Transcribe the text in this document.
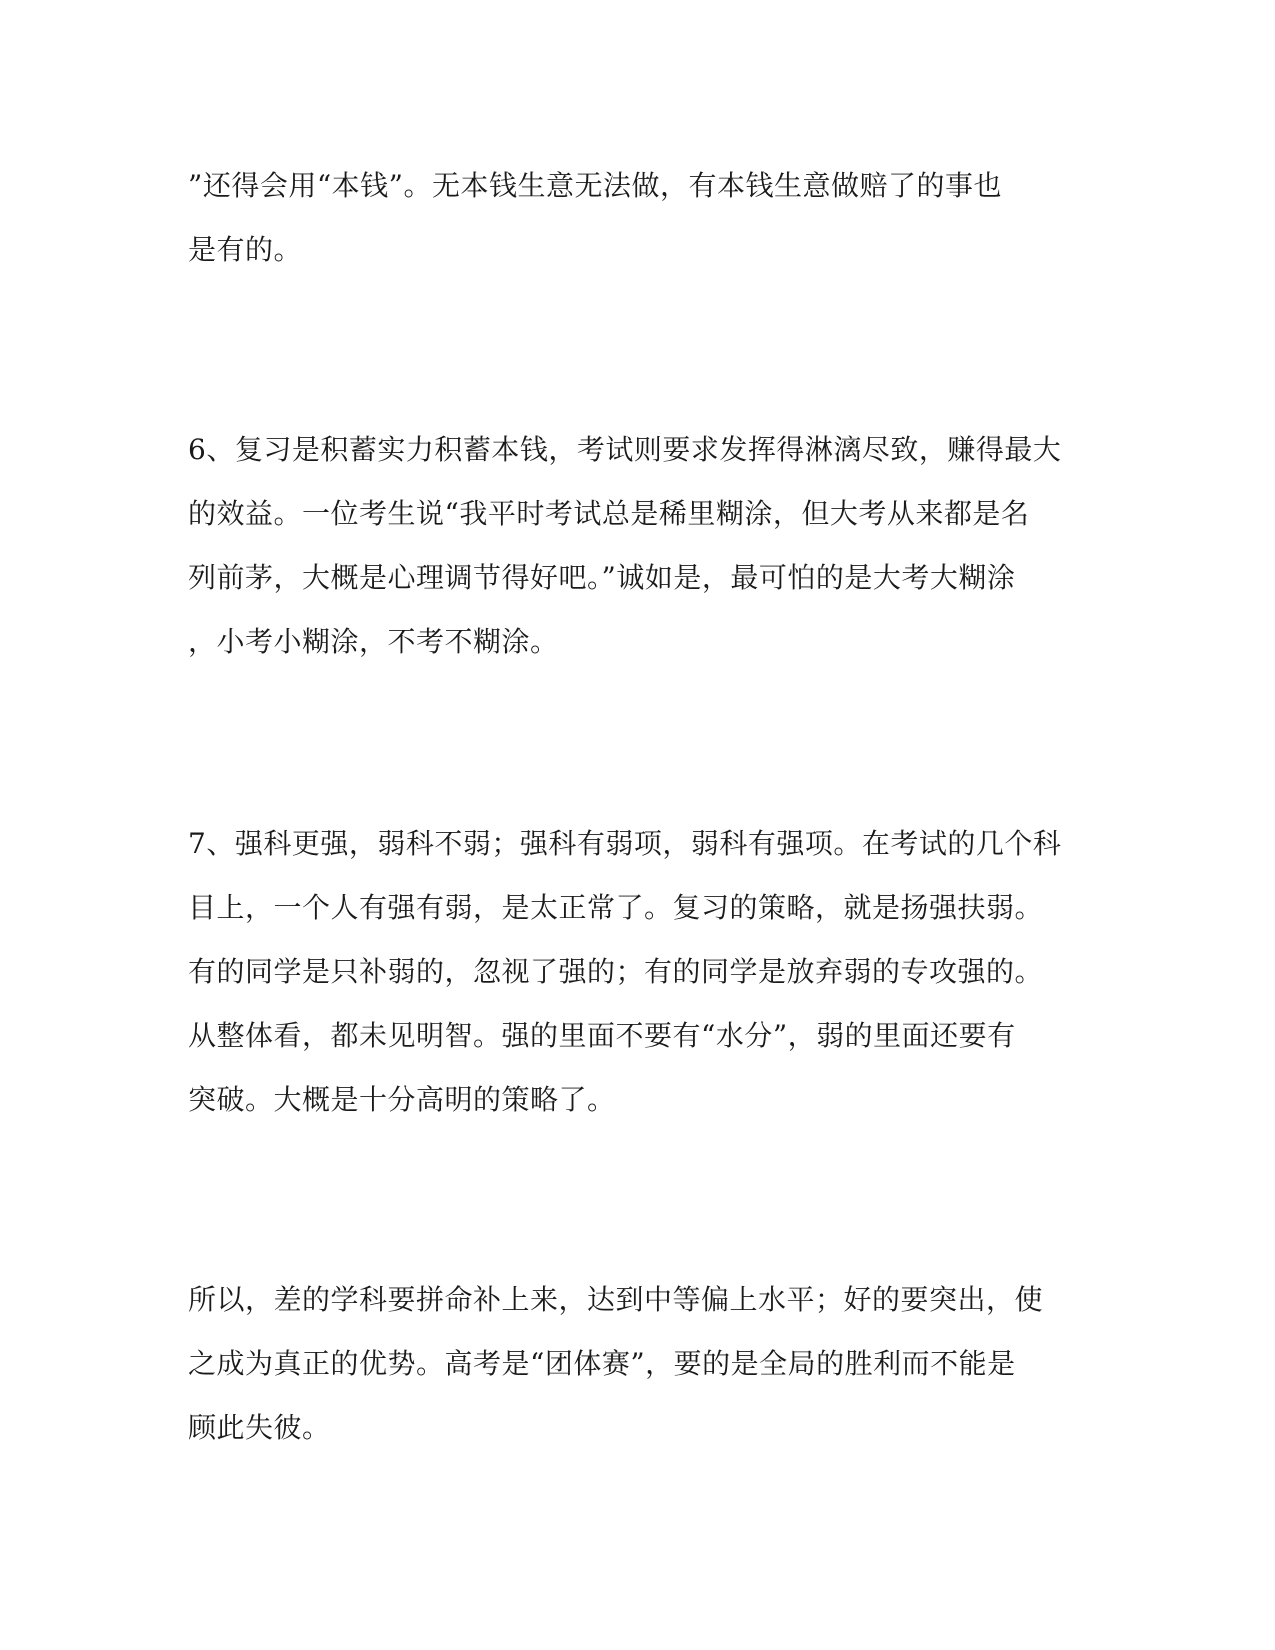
”还得会用“本钱”。无本钱生意无法做，有本钱生意做赔了的事也
是有的。

6、复习是积蓄实力积蓄本钱，考试则要求发挥得淋漓尽致，赚得最大
的效益。一位考生说“我平时考试总是稀里糊涂，但大考从来都是名
列前茅，大概是心理调节得好吧。”诚如是，最可怕的是大考大糊涂
，小考小糊涂，不考不糊涂。

7、强科更强，弱科不弱；强科有弱项，弱科有强项。在考试的几个科
目上，一个人有强有弱，是太正常了。复习的策略，就是扬强扶弱。
有的同学是只补弱的，忽视了强的；有的同学是放弃弱的专攻强的。
从整体看，都未见明智。强的里面不要有“水分”，弱的里面还要有
突破。大概是十分高明的策略了。

所以，差的学科要拼命补上来，达到中等偏上水平；好的要突出，使
之成为真正的优势。高考是“团体赛”，要的是全局的胜利而不能是
顾此失彼。
